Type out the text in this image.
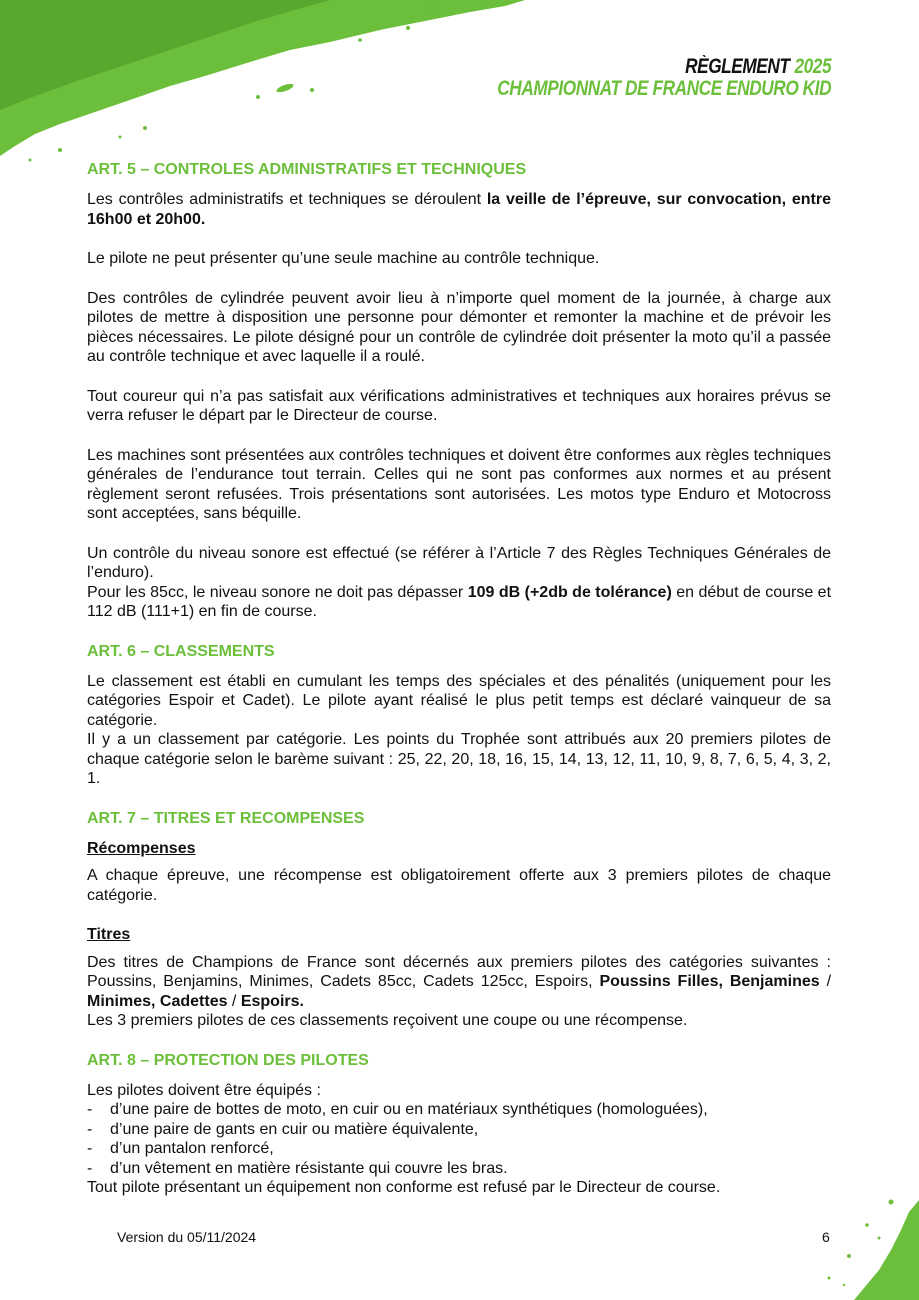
RÈGLEMENT 2025
CHAMPIONNAT DE FRANCE ENDURO KID
ART. 5 – CONTROLES ADMINISTRATIFS ET TECHNIQUES

Les contrôles administratifs et techniques se déroulent la veille de l’épreuve, sur convocation, entre 16h00 et 20h00.

Le pilote ne peut présenter qu’une seule machine au contrôle technique.

Des contrôles de cylindrée peuvent avoir lieu à n’importe quel moment de la journée, à charge aux pilotes de mettre à disposition une personne pour démonter et remonter la machine et de prévoir les pièces nécessaires. Le pilote désigné pour un contrôle de cylindrée doit présenter la moto qu’il a passée au contrôle technique et avec laquelle il a roulé.

Tout coureur qui n’a pas satisfait aux vérifications administratives et techniques aux horaires prévus se verra refuser le départ par le Directeur de course.

Les machines sont présentées aux contrôles techniques et doivent être conformes aux règles techniques générales de l’endurance tout terrain. Celles qui ne sont pas conformes aux normes et au présent règlement seront refusées. Trois présentations sont autorisées. Les motos type Enduro et Motocross sont acceptées, sans béquille.

Un contrôle du niveau sonore est effectué (se référer à l’Article 7 des Règles Techniques Générales de l’enduro).

Pour les 85cc, le niveau sonore ne doit pas dépasser 109 dB (+2db de tolérance) en début de course et 112 dB (111+1) en fin de course.

ART. 6 – CLASSEMENTS

Le classement est établi en cumulant les temps des spéciales et des pénalités (uniquement pour les catégories Espoir et Cadet). Le pilote ayant réalisé le plus petit temps est déclaré vainqueur de sa catégorie.

Il y a un classement par catégorie. Les points du Trophée sont attribués aux 20 premiers pilotes de chaque catégorie selon le barème suivant : 25, 22, 20, 18, 16, 15, 14, 13, 12, 11, 10, 9, 8, 7, 6, 5, 4, 3, 2, 1.

ART. 7 – TITRES ET RECOMPENSES
Récompenses

A chaque épreuve, une récompense est obligatoirement offerte aux 3 premiers pilotes de chaque catégorie.

Titres

Des titres de Champions de France sont décernés aux premiers pilotes des catégories suivantes : Poussins, Benjamins, Minimes, Cadets 85cc, Cadets 125cc, Espoirs, Poussins Filles, Benjamines / Minimes, Cadettes / Espoirs.

Les 3 premiers pilotes de ces classements reçoivent une coupe ou une récompense.

ART. 8 – PROTECTION DES PILOTES

Les pilotes doivent être équipés :

- d’une paire de bottes de moto, en cuir ou en matériaux synthétiques (homologuées),
- d’une paire de gants en cuir ou matière équivalente,
- d’un pantalon renforcé,
- d’un vêtement en matière résistante qui couvre les bras.

Tout pilote présentant un équipement non conforme est refusé par le Directeur de course.

Version du 05/11/2024	6
